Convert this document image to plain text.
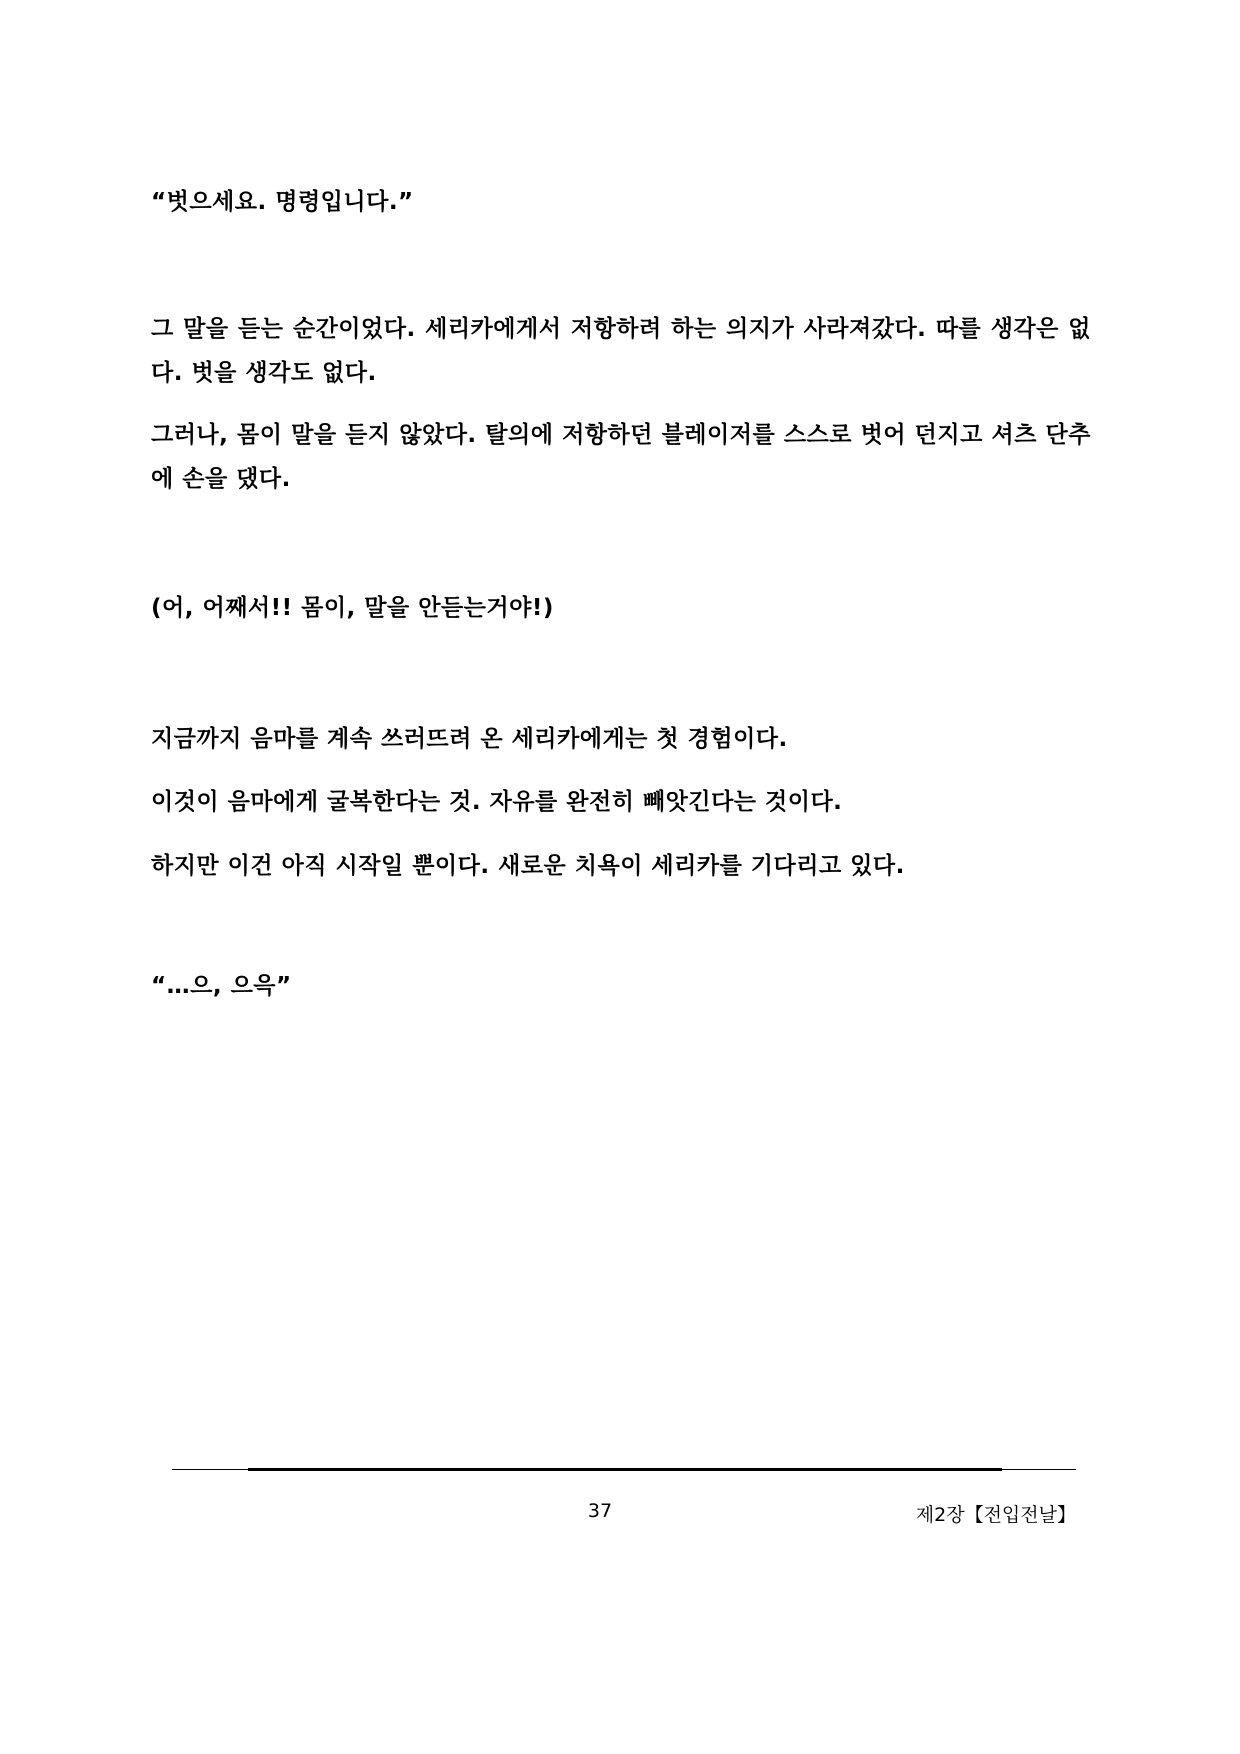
“벗으세요. 명령입니다.”
그 말을 듣는 순간이었다. 세리카에게서 저항하려 하는 의지가 사라져갔다. 따를 생각은 없다. 벗을 생각도 없다.
그러나, 몸이 말을 듣지 않았다. 탈의에 저항하던 블레이저를 스스로 벗어 던지고 셔츠 단추에 손을 댔다.
(어, 어째서!! 몸이, 말을 안듣는거야!)
지금까지 음마를 계속 쓰러뜨려 온 세리카에게는 첫 경험이다.
이것이 음마에게 굴복한다는 것. 자유를 완전히 빼앗긴다는 것이다.
하지만 이건 아직 시작일 뿐이다. 새로운 치욕이 세리카를 기다리고 있다.
“…으, 으윽”
37	제2장【전입전날】
